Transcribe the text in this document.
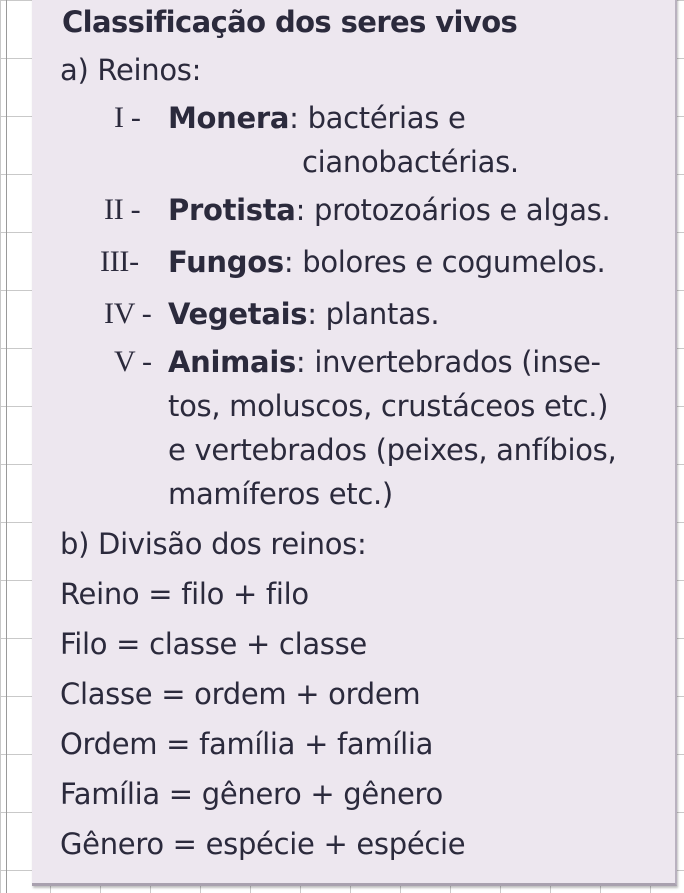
Classificação dos seres vivos
a) Reinos:
I - Monera: bactérias e
cianobactérias.
II - Protista: protozoários e algas.
III- Fungos: bolores e cogumelos.
IV - Vegetais: plantas.
V - Animais: invertebrados (inse-
tos, moluscos, crustáceos etc.)
e vertebrados (peixes, anfíbios,
mamíferos etc.)
b) Divisão dos reinos:
Reino = filo + filo
Filo = classe + classe
Classe = ordem + ordem
Ordem = família + família
Família = gênero + gênero
Gênero = espécie + espécie
